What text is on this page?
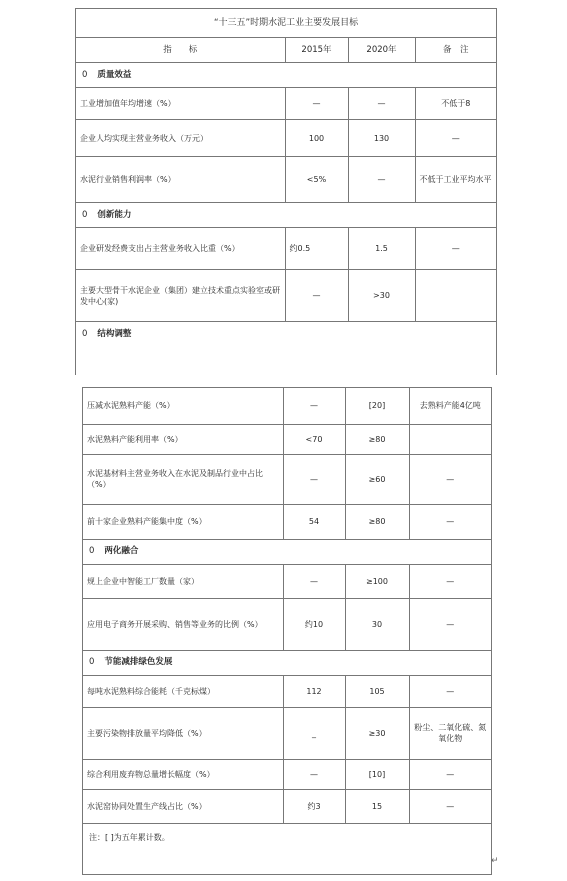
“十三五”时期水泥工业主要发展目标			
指　　标	2015年	2020年	备　注
0 质量效益			
工业增加值年均增速（%）	—	—	不低于8
企业人均实现主营业务收入（万元）	100	130	—
水泥行业销售利润率（%）	<5%	—	不低于工业平均水平
0 创新能力			
企业研发经费支出占主营业务收入比重（%）	约0.5	1.5	—
主要大型骨干水泥企业（集团）建立技术重点实验室或研发中心(家)	—	>30	
0 结构调整			
压减水泥熟料产能（%）	—	[20]	去熟料产能4亿吨
水泥熟料产能利用率（%）	<70	≥80	
水泥基材料主营业务收入在水泥及制品行业中占比（%）	—	≥60	—
前十家企业熟料产能集中度（%）	54	≥80	—
0 两化融合			
规上企业中智能工厂数量（家）	—	≥100	—
应用电子商务开展采购、销售等业务的比例（%）	约10	30	—
0 节能减排绿色发展			
每吨水泥熟料综合能耗（千克标煤）	112	105	—
主要污染物排放量平均降低（%）	_	≥30	粉尘、二氧化硫、氮氧化物
综合利用废弃物总量增长幅度（%）	—	[10]	—
水泥窑协同处置生产线占比（%）	约3	15	—
注：[ ]为五年累计数。			
↵
